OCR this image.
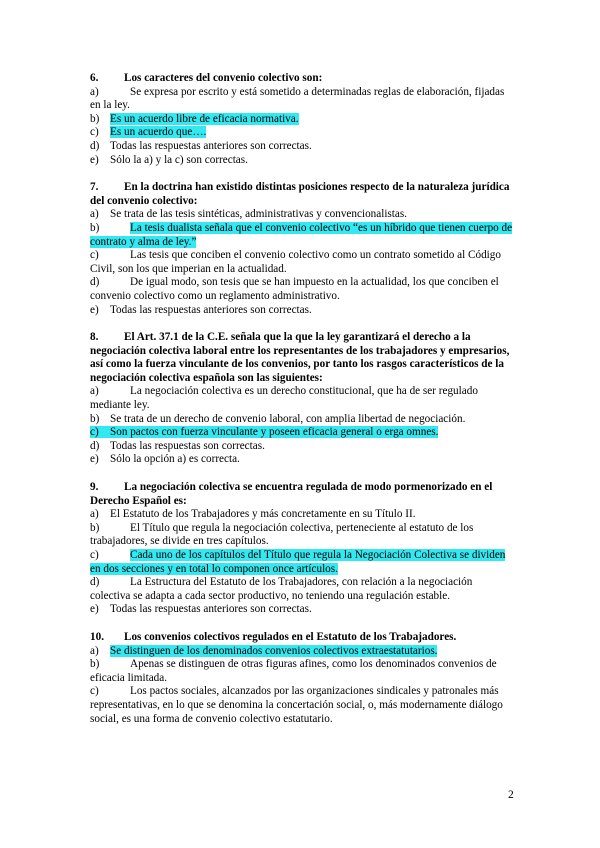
6. Los caracteres del convenio colectivo son:
a)	Se expresa por escrito y está sometido a determinadas reglas de elaboración, fijadas en la ley.
b) Es un acuerdo libre de eficacia normativa.
c) Es un acuerdo que….
d) Todas las respuestas anteriores son correctas.
e) Sólo la a) y la c) son correctas.
7. En la doctrina han existido distintas posiciones respecto de la naturaleza jurídica del convenio colectivo:
a) Se trata de las tesis sintéticas, administrativas y convencionalistas.
b)	La tesis dualista señala que el convenio colectivo “es un híbrido que tienen cuerpo de contrato y alma de ley.”
c)	Las tesis que conciben el convenio colectivo como un contrato sometido al Código Civil, son los que imperian en la actualidad.
d)	De igual modo, son tesis que se han impuesto en la actualidad, los que conciben el convenio colectivo como un reglamento administrativo.
e) Todas las respuestas anteriores son correctas.
8. El Art. 37.1 de la C.E. señala que la que la ley garantizará el derecho a la negociación colectiva laboral entre los representantes de los trabajadores y empresarios, así como la fuerza vinculante de los convenios, por tanto los rasgos característicos de la negociación colectiva española son las siguientes:
a)	La negociación colectiva es un derecho constitucional, que ha de ser regulado mediante ley.
b) Se trata de un derecho de convenio laboral, con amplia libertad de negociación.
c) Son pactos con fuerza vinculante y poseen eficacia general o erga omnes.
d) Todas las respuestas son correctas.
e) Sólo la opción a) es correcta.
9. La negociación colectiva se encuentra regulada de modo pormenorizado en el Derecho Español es:
a) El Estatuto de los Trabajadores y más concretamente en su Título II.
b)	El Título que regula la negociación colectiva, perteneciente al estatuto de los trabajadores, se divide en tres capítulos.
c)	Cada uno de los capítulos del Título que regula la Negociación Colectiva se dividen en dos secciones y en total lo componen once artículos.
d)	La Estructura del Estatuto de los Trabajadores, con relación a la negociación colectiva se adapta a cada sector productivo, no teniendo una regulación estable.
e) Todas las respuestas anteriores son correctas.
10. Los convenios colectivos regulados en el Estatuto de los Trabajadores.
a) Se distinguen de los denominados convenios colectivos extraestatutarios.
b)	Apenas se distinguen de otras figuras afines, como los denominados convenios de eficacia limitada.
c)	Los pactos sociales, alcanzados por las organizaciones sindicales y patronales más representativas, en lo que se denomina la concertación social, o, más modernamente diálogo social, es una forma de convenio colectivo estatutario.
2
